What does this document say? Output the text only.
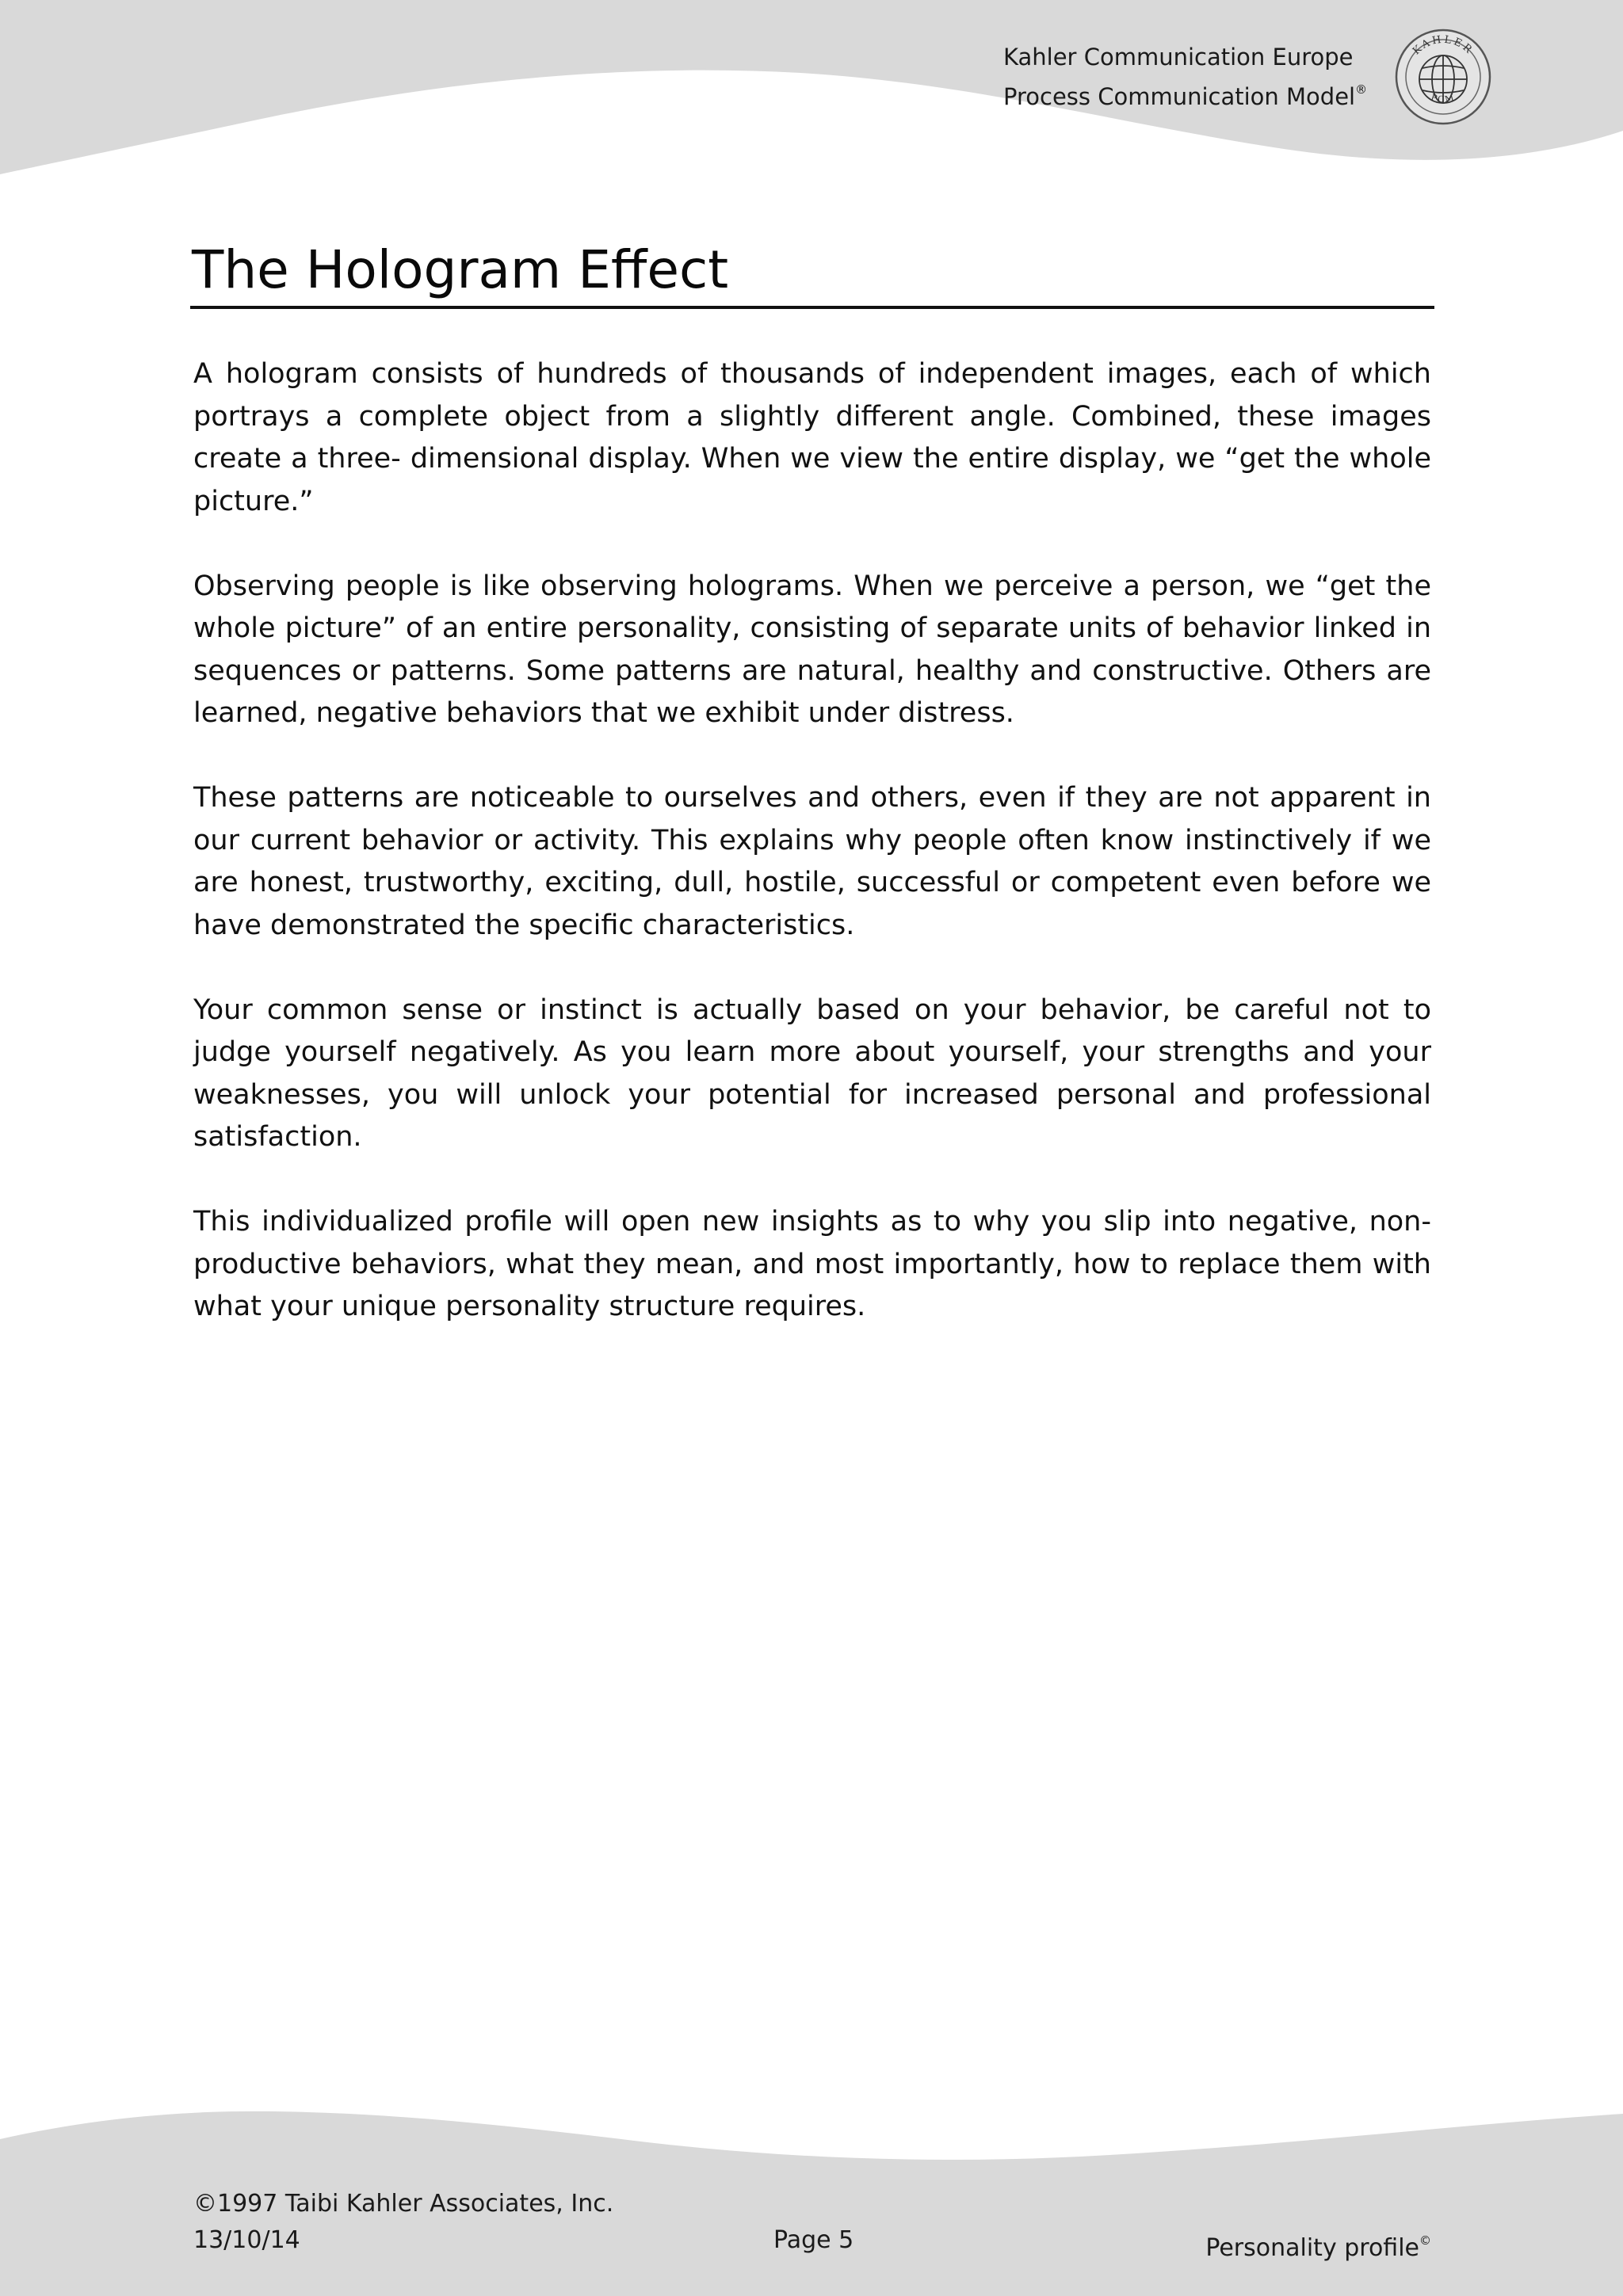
Kahler Communication Europe
Process Communication Model®
KAHLER
PCM
The Hologram Effect

A hologram consists of hundreds of thousands of independent images, each of which portrays a complete object from a slightly different angle. Combined, these images create a three- dimensional display. When we view the entire display, we “get the whole picture.”

Observing people is like observing holograms. When we perceive a person, we “get the whole picture” of an entire personality, consisting of separate units of behavior linked in sequences or patterns. Some patterns are natural, healthy and constructive. Others are learned, negative behaviors that we exhibit under distress.

These patterns are noticeable to ourselves and others, even if they are not apparent in our current behavior or activity. This explains why people often know instinctively if we are honest, trustworthy, exciting, dull, hostile, successful or competent even before we have demonstrated the specific characteristics.

Your common sense or instinct is actually based on your behavior, be careful not to judge yourself negatively. As you learn more about yourself, your strengths and your weaknesses, you will unlock your potential for increased personal and professional satisfaction.

This individualized profile will open new insights as to why you slip into negative, non-productive behaviors, what they mean, and most importantly, how to replace them with what your unique personality structure requires.

©1997 Taibi Kahler Associates, Inc.
13/10/14	Page 5	Personality profile©
